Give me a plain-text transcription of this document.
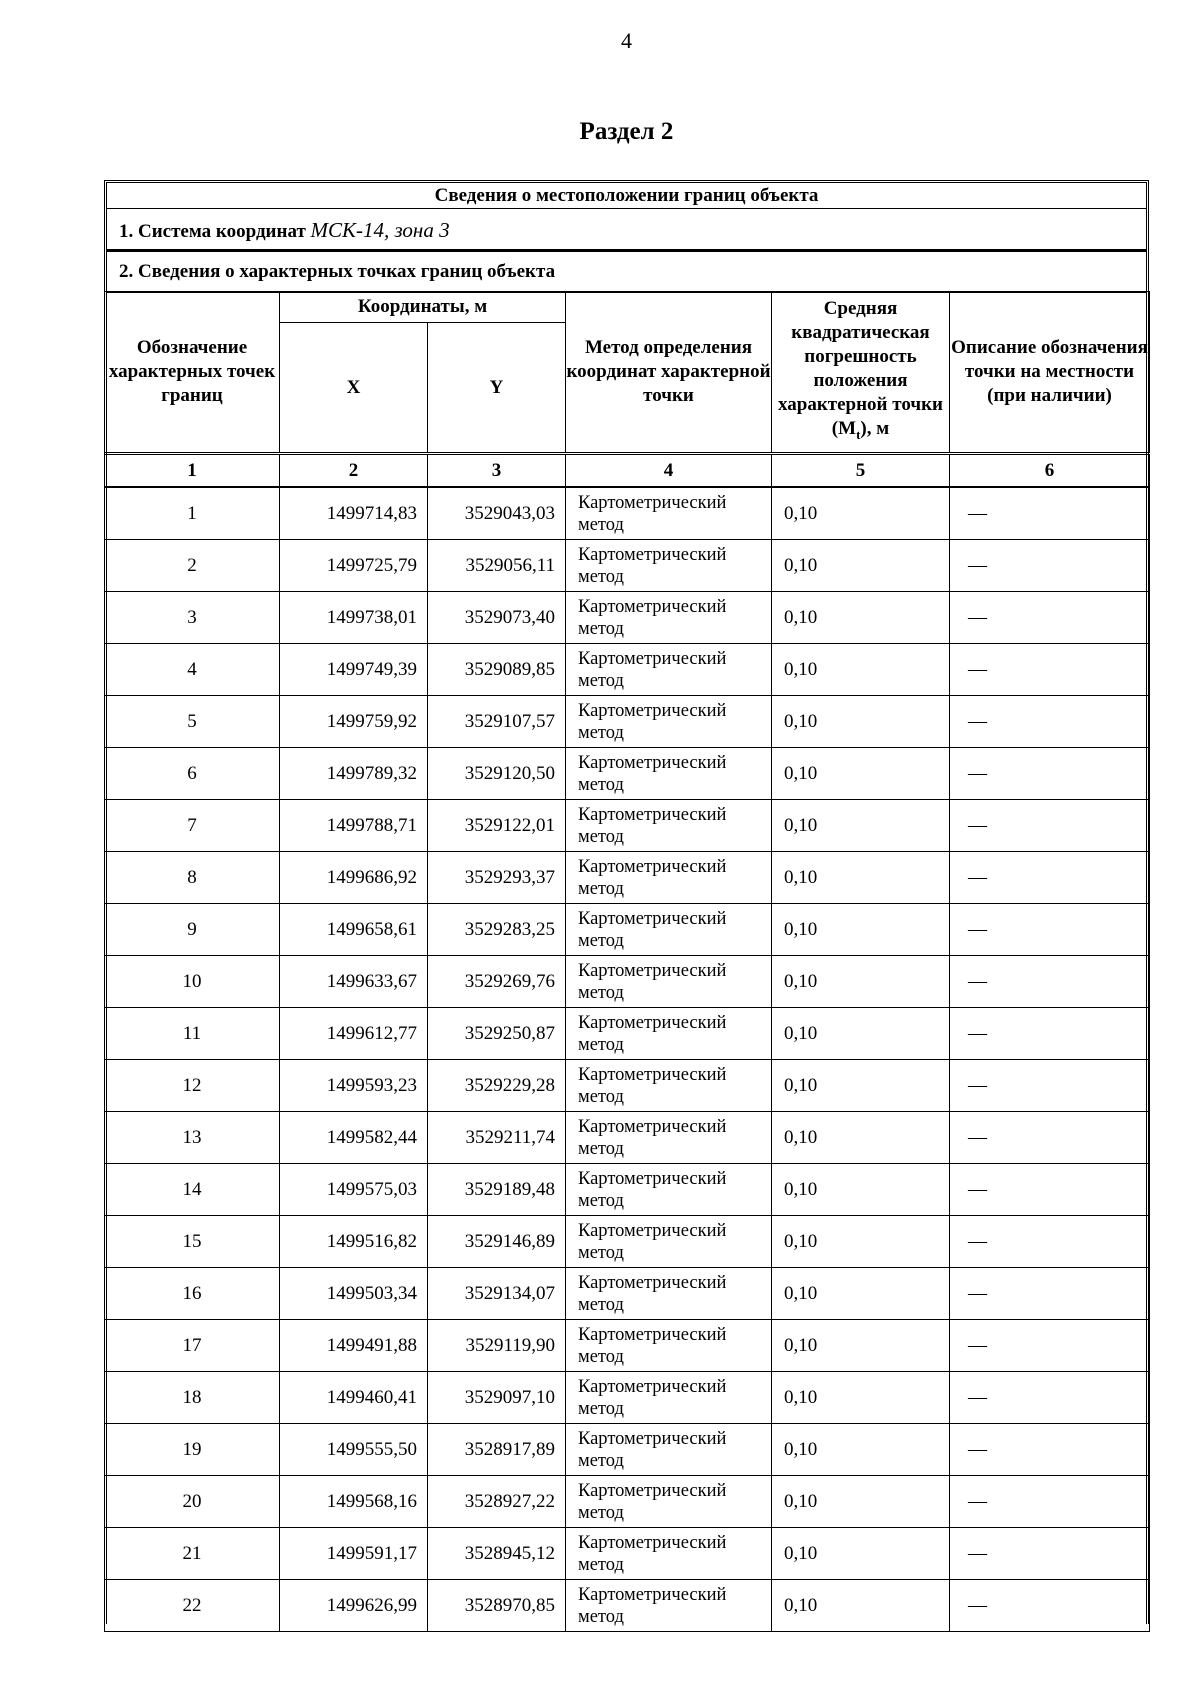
4
Раздел 2
Сведения о местоположении границ объекта
1. Система координат МСК-14, зона 3
2. Сведения о характерных точках границ объекта
Обозначение характерных точек границ	Координаты, м		Метод определения координат характерной точки	Средняя квадратическая погрешность положения характерной точки $(M_t)$, м	Описание обозначения точки на местности (при наличии)
	X	Y			
1	2	3	4	5	6
1	1499714,83	3529043,03	Картометрический метод	0,10	—
2	1499725,79	3529056,11	Картометрический метод	0,10	—
3	1499738,01	3529073,40	Картометрический метод	0,10	—
4	1499749,39	3529089,85	Картометрический метод	0,10	—
5	1499759,92	3529107,57	Картометрический метод	0,10	—
6	1499789,32	3529120,50	Картометрический метод	0,10	—
7	1499788,71	3529122,01	Картометрический метод	0,10	—
8	1499686,92	3529293,37	Картометрический метод	0,10	—
9	1499658,61	3529283,25	Картометрический метод	0,10	—
10	1499633,67	3529269,76	Картометрический метод	0,10	—
11	1499612,77	3529250,87	Картометрический метод	0,10	—
12	1499593,23	3529229,28	Картометрический метод	0,10	—
13	1499582,44	3529211,74	Картометрический метод	0,10	—
14	1499575,03	3529189,48	Картометрический метод	0,10	—
15	1499516,82	3529146,89	Картометрический метод	0,10	—
16	1499503,34	3529134,07	Картометрический метод	0,10	—
17	1499491,88	3529119,90	Картометрический метод	0,10	—
18	1499460,41	3529097,10	Картометрический метод	0,10	—
19	1499555,50	3528917,89	Картометрический метод	0,10	—
20	1499568,16	3528927,22	Картометрический метод	0,10	—
21	1499591,17	3528945,12	Картометрический метод	0,10	—
22	1499626,99	3528970,85	Картометрический метод	0,10	—
